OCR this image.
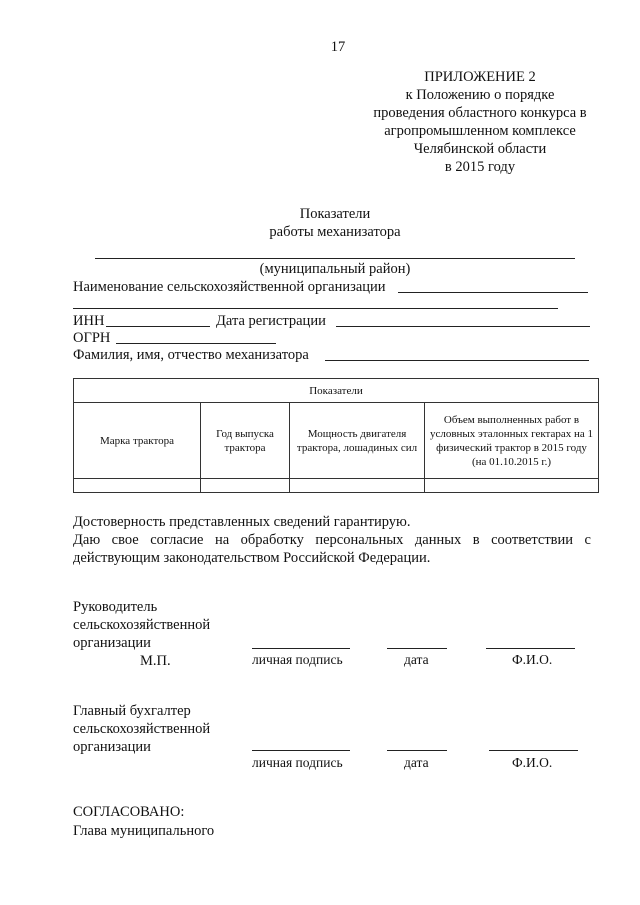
17
ПРИЛОЖЕНИЕ 2
к Положению о порядке
проведения областного конкурса в
агропромышленном комплексе
Челябинской области
в 2015 году
Показатели
работы механизатора
(муниципальный район)
Наименование сельскохозяйственной организации
ИНН	Дата регистрации
ОГРН
Фамилия, имя, отчество механизатора
Показатели			
Марка трактора	Год выпуска трактора	Мощность двигателя трактора, лошадиных сил	Объем выполненных работ в условных эталонных гектарах на 1 физический трактор в 2015 году (на 01.10.2015 г.)

Достоверность представленных сведений гарантирую.
Даю свое согласие на обработку персональных данных в соответствии с действующим законодательством Российской Федерации.
Руководитель
сельскохозяйственной
организации
М.П.	личная подпись	дата	Ф.И.О.
Главный бухгалтер
сельскохозяйственной
организации
личная подпись	дата	Ф.И.О.
СОГЛАСОВАНО:
Глава муниципального
